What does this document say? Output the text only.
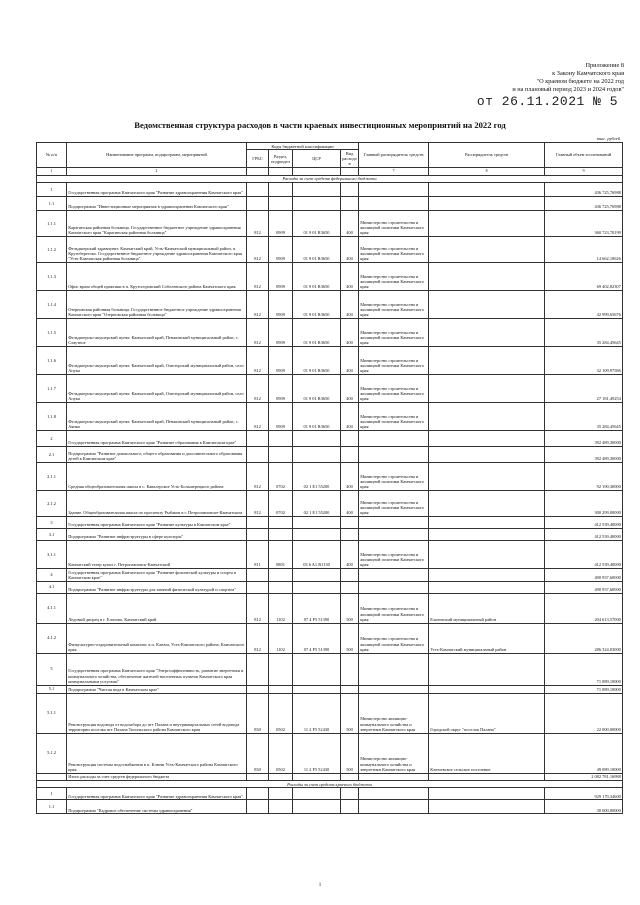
Приложение 8
к Закону Камчатского края
"О краевом бюджете на 2022 год
и на плановый период 2023 и 2024 годов"
от 26.11.2021 № 5
Ведомственная структура расходов в части краевых инвестиционных мероприятий на 2022 год
тыс. рублей
№ п/п	Наименование программ, подпрограмм, мероприятий	Коды бюджетной классификации				Главный распорядитель средств	Распорядитель средств	Главный объем ассигнований
		ГРБС	Раздел, подраздел	ЦСР	Вид расходов			
1	2					7	8	9
Расходы за счет средств федерального бюджета								
1	Государственная программа Камчатского края "Развитие здравоохранения Камчатского края"							436 725,76988
1.1	Подпрограмма "Инвестиционные мероприятия в здравоохранении Камчатского края"							436 725,76988
1.1.1	Карагинская районная больница. Государственное бюджетное учреждение здравоохранения Камчатского края "Карагинская районная больница"	812	0909	01 9 01 R3650	400	Министерство строительства и жилищной политики Камчатского края		360 723,70199
1.1.2	Фельдшерский здравпункт. Камчатский край, Усть-Камчатский муниципальный район, п. Крутобереговo. Государственное бюджетное учреждение здравоохранения Камчатского края "Усть-Камчатская районная больница"	812	0909	01 9 01 R3650	400	Министерство строительства и жилищной политики Камчатского края		14 662,10626
1.1.3	Офис врача общей практики в п. Крутогоровский Соболевского района Камчатского края	812	0909	01 9 01 R3650	400	Министерство строительства и жилищной политики Камчатского края		69 402,82307
1.1.4	Озерновская районная больница. Государственное бюджетное учреждение здравоохранения Камчатского края "Озерновская районная больница"	812	0909	01 9 01 R3650	400	Министерство строительства и жилищной политики Камчатского края		42 999,65676
1.1.5	Фельдшерско-акушерский пункт. Камчатский край, Пенжинский муниципальный район, с. Слаутное	812	0909	01 9 01 R3650	400	Министерство строительства и жилищной политики Камчатского края		35 284,45645
1.1.6	Фельдшерско-акушерский пункт. Камчатский край, Олюторский муниципальный район, село Апука	812	0909	01 9 01 R3650	400	Министерство строительства и жилищной политики Камчатского края		32 109,97586
1.1.7	Фельдшерско-акушерский пункт. Камчатский край, Олюторский муниципальный район, село Апука	812	0909	01 9 01 R3650	400	Министерство строительства и жилищной политики Камчатского края		27 181,49254
1.1.8	Фельдшерско-акушерский пункт. Камчатский край, Пенжинский муниципальный район, с. Аянка	812	0909	01 9 01 R3650	400	Министерство строительства и жилищной политики Камчатского края		35 284,45645
2	Государственная программа Камчатского края "Развитие образования в Камчатском крае"							392 489,30000
2.1	Подпрограмма "Развитие дошкольного, общего образования и дополнительного образования детей в Камчатском крае"							392 489,30000
2.1.1	Средняя общеобразовательная школа в с. Кавалерское Усть-Большерецкого района	812	0702	02 1 E1 55200	400	Министерство строительства и жилищной политики Камчатского края		92 190,30000
2.1.2	Здание. Общеобразовательная школа по проспекту Рыбаков в г. Петропавловске-Камчатском	812	0702	02 1 E1 55200	400	Министерство строительства и жилищной политики Камчатского края		300 299,00000
3	Государственная программа Камчатского края "Развитие культуры в Камчатском крае"							412 539,40000
3.1	Подпрограмма "Развитие инфраструктуры в сфере культуры"							412 539,40000
3.1.1	Камчатский театр кукол г. Петропавловск-Камчатский	811	0801	03 6 A1 R1130	400	Министерство строительства и жилищной политики Камчатского края		412 539,40000
4	Государственная программа Камчатского края "Развитие физической культуры и спорта в Камчатском крае"							490 937,60000
4.1	Подпрограмма "Развитие инфраструктуры для занятий физической культурой и спортом"							490 937,60000
4.1.1	Ледовый дворец в г. Елизово, Камчатский край	812	1102	07 4 P5 51390	500	Министерство строительства и жилищной политики Камчатского края	Елизовский муниципальный район	204 613,57000
4.1.2	Физкультурно-оздоровительный комплекс в п. Ключи, Усть-Камчатского района, Камчатского края	812	1102	07 4 P5 51390	500	Министерство строительства и жилищной политики Камчатского края	Усть-Камчатский муниципальный район	286 324,03000
5	Государственная программа Камчатского края "Энергоэффективность, развитие энергетики и коммунального хозяйства, обеспечение жителей населенных пунктов Камчатского края коммунальными услугами"							71 089,10000
5.1	Подпрограмма "Чистая вода в Камчатском крае"							71 089,10000
5.1.1	Реконструкция водовода от водозабора до пгт Палана и внутриквартальных сетей водовода территории поселка пгт Палана Тигильского района Камчатского края	830	0502	11 2 F5 52430	500	Министерство жилищно-коммунального хозяйства и энергетики Камчатского края	Городской округ "поселок Палана"	22 000,00000
5.1.2	Реконструкция системы водоснабжения в п. Ключи Усть-Камчатского района Камчатского края	830	0502	11 2 F5 52430	500	Министерство жилищно-коммунального хозяйства и энергетики Камчатского края	Ключевское сельское поселение	49 089,10000
	Итого расходы за счет средств федерального бюджета							2 082 781,16988
Расходы за счет средств краевого бюджета								
1	Государственная программа Камчатского края "Развитие здравоохранения Камчатского края"							929 179,34600
1.1	Подпрограмма "Кадровое обеспечение системы здравоохранения"							30 000,00000
1
